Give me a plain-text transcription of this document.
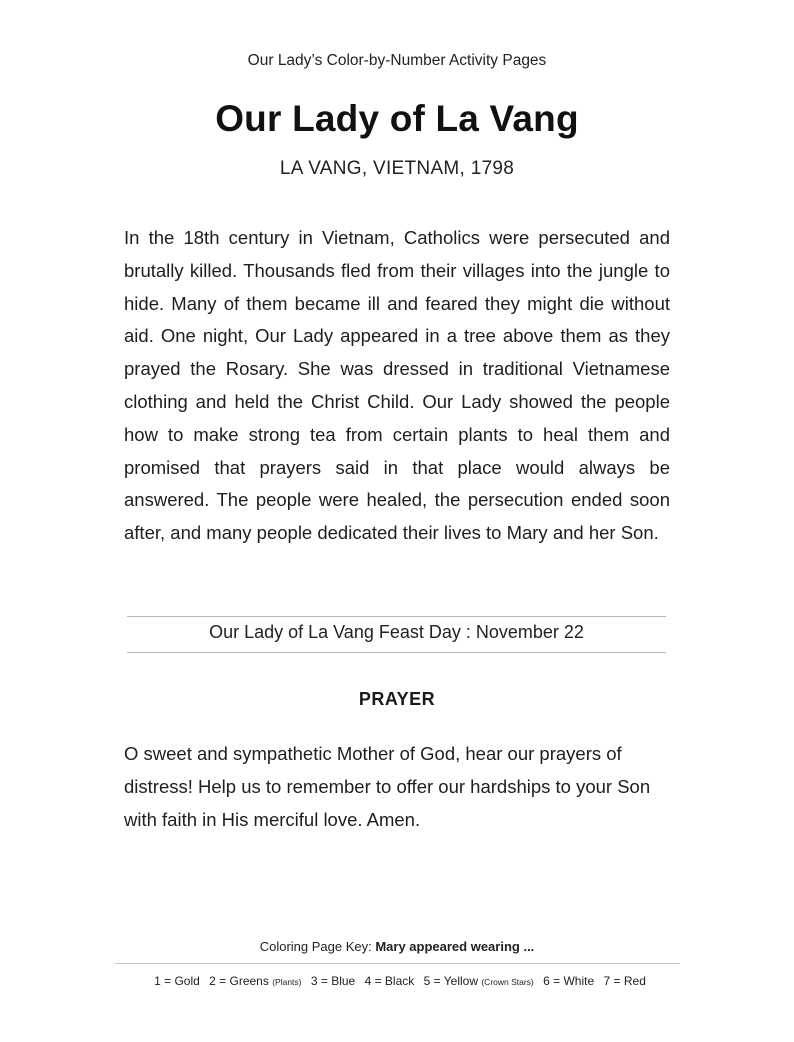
Our Lady’s Color-by-Number Activity Pages
Our Lady of La Vang
LA VANG, VIETNAM, 1798

In the 18th century in Vietnam, Catholics were persecuted and brutally killed. Thousands fled from their villages into the jungle to hide. Many of them became ill and feared they might die without aid. One night, Our Lady appeared in a tree above them as they prayed the Rosary. She was dressed in traditional Vietnamese clothing and held the Christ Child. Our Lady showed the people how to make strong tea from certain plants to heal them and promised that prayers said in that place would always be answered. The people were healed, the persecution ended soon after, and many people dedicated their lives to Mary and her Son.

Our Lady of La Vang Feast Day : November 22
PRAYER

O sweet and sympathetic Mother of God, hear our prayers of distress! Help us to remember to offer our hardships to your Son with faith in His merciful love. Amen.

Coloring Page Key: Mary appeared wearing ...
1 = Gold 2 = Greens (Plants) 3 = Blue 4 = Black 5 = Yellow (Crown Stars) 6 = White 7 = Red
